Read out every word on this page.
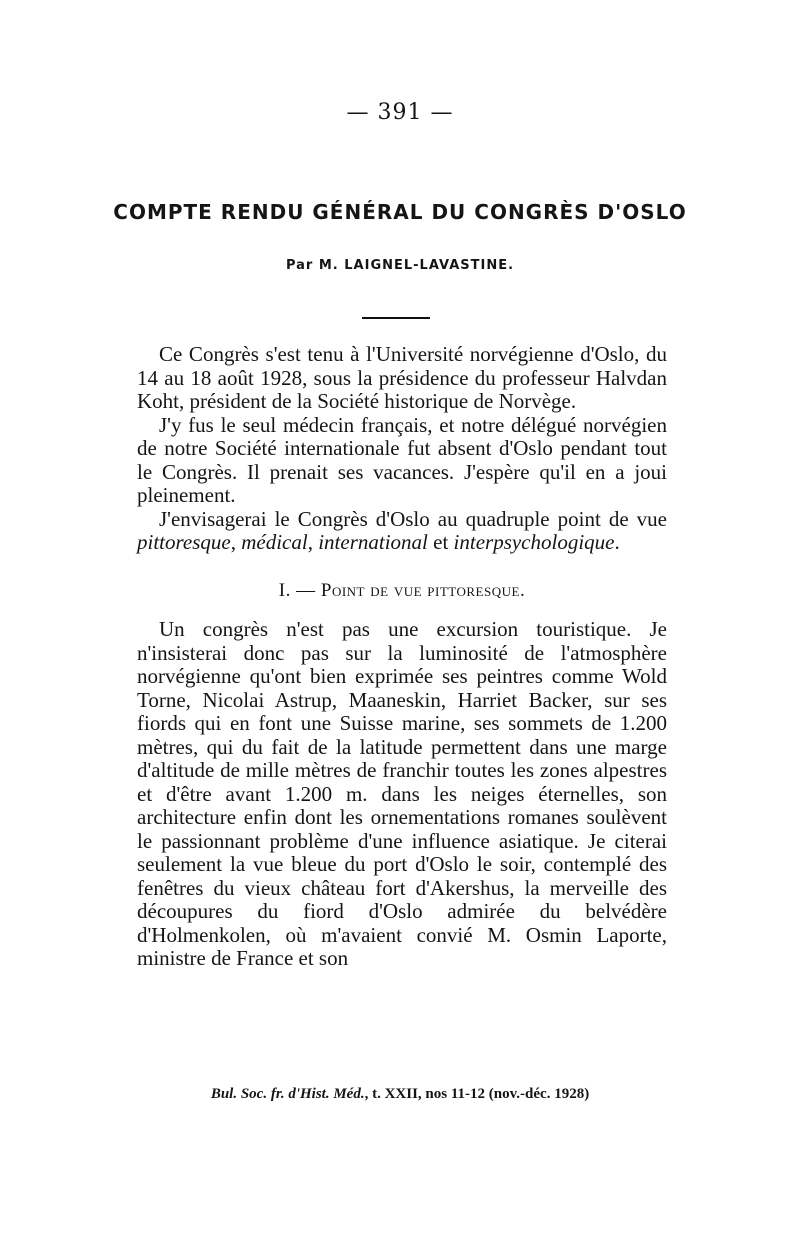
— 391 —
COMPTE RENDU GÉNÉRAL DU CONGRÈS D'OSLO
Par M. LAIGNEL-LAVASTINE.

Ce Congrès s'est tenu à l'Université norvégienne d'Oslo, du 14 au 18 août 1928, sous la présidence du professeur Halvdan Koht, président de la Société historique de Norvège.

J'y fus le seul médecin français, et notre délégué norvégien de notre Société internationale fut absent d'Oslo pendant tout le Congrès. Il prenait ses vacances. J'espère qu'il en a joui pleinement.

J'envisagerai le Congrès d'Oslo au quadruple point de vue pittoresque, médical, international et interpsychologique.

I. — Point de vue pittoresque.

Un congrès n'est pas une excursion touristique. Je n'insisterai donc pas sur la luminosité de l'atmosphère norvégienne qu'ont bien exprimée ses peintres comme Wold Torne, Nicolai Astrup, Maaneskin, Harriet Backer, sur ses fiords qui en font une Suisse marine, ses sommets de 1.200 mètres, qui du fait de la latitude permettent dans une marge d'altitude de mille mètres de franchir toutes les zones alpestres et d'être avant 1.200 m. dans les neiges éternelles, son architecture enfin dont les ornementations romanes soulèvent le passionnant problème d'une influence asiatique. Je citerai seulement la vue bleue du port d'Oslo le soir, contemplé des fenêtres du vieux château fort d'Akershus, la merveille des découpures du fiord d'Oslo admirée du belvédère d'Holmenkolen, où m'avaient convié M. Osmin Laporte, ministre de France et son

Bul. Soc. fr. d'Hist. Méd., t. XXII, nos 11-12 (nov.-déc. 1928)
